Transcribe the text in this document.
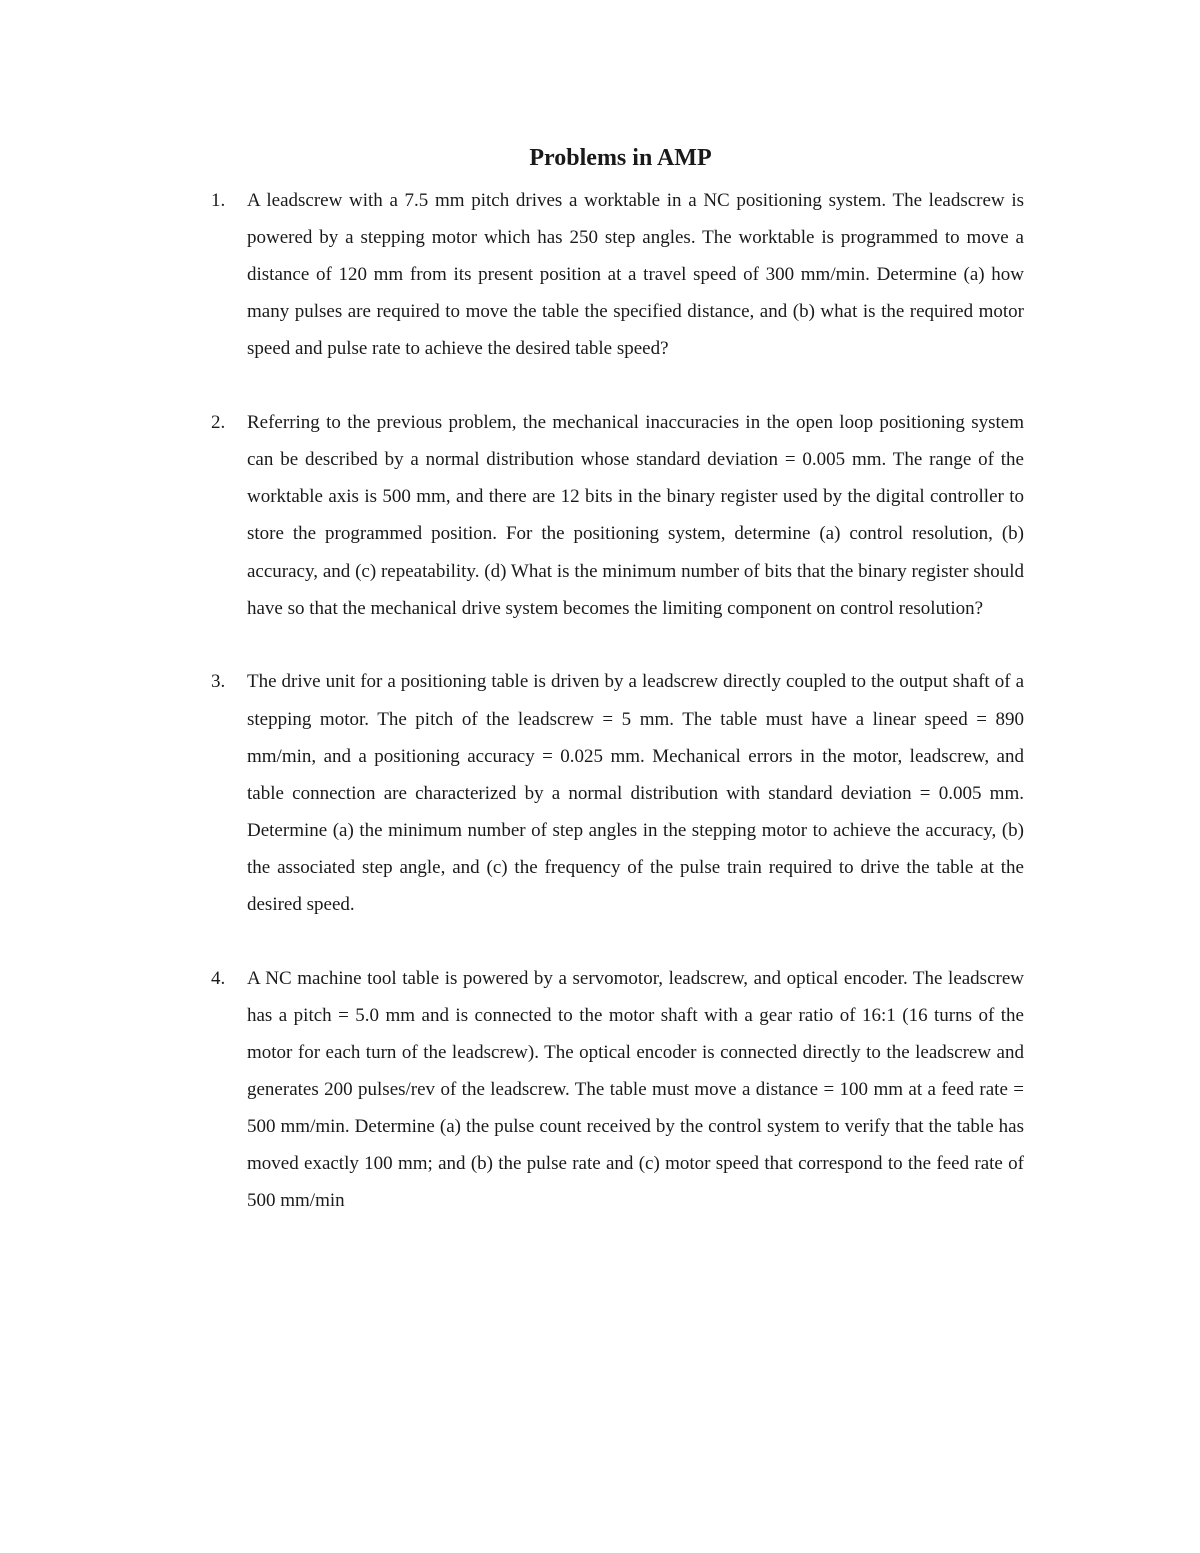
Problems in AMP
1. A leadscrew with a 7.5 mm pitch drives a worktable in a NC positioning system. The leadscrew is powered by a stepping motor which has 250 step angles. The worktable is programmed to move a distance of 120 mm from its present position at a travel speed of 300 mm/min. Determine (a) how many pulses are required to move the table the specified distance, and (b) what is the required motor speed and pulse rate to achieve the desired table speed?

2. Referring to the previous problem, the mechanical inaccuracies in the open loop positioning system can be described by a normal distribution whose standard deviation = 0.005 mm. The range of the worktable axis is 500 mm, and there are 12 bits in the binary register used by the digital controller to store the programmed position. For the positioning system, determine (a) control resolution, (b) accuracy, and (c) repeatability. (d) What is the minimum number of bits that the binary register should have so that the mechanical drive system becomes the limiting component on control resolution?

3. The drive unit for a positioning table is driven by a leadscrew directly coupled to the output shaft of a stepping motor. The pitch of the leadscrew = 5 mm. The table must have a linear speed = 890 mm/min, and a positioning accuracy = 0.025 mm. Mechanical errors in the motor, leadscrew, and table connection are characterized by a normal distribution with standard deviation = 0.005 mm. Determine (a) the minimum number of step angles in the stepping motor to achieve the accuracy, (b) the associated step angle, and (c) the frequency of the pulse train required to drive the table at the desired speed.

4. A NC machine tool table is powered by a servomotor, leadscrew, and optical encoder. The leadscrew has a pitch = 5.0 mm and is connected to the motor shaft with a gear ratio of 16:1 (16 turns of the motor for each turn of the leadscrew). The optical encoder is connected directly to the leadscrew and generates 200 pulses/rev of the leadscrew. The table must move a distance = 100 mm at a feed rate = 500 mm/min. Determine (a) the pulse count received by the control system to verify that the table has moved exactly 100 mm; and (b) the pulse rate and (c) motor speed that correspond to the feed rate of 500 mm/min
